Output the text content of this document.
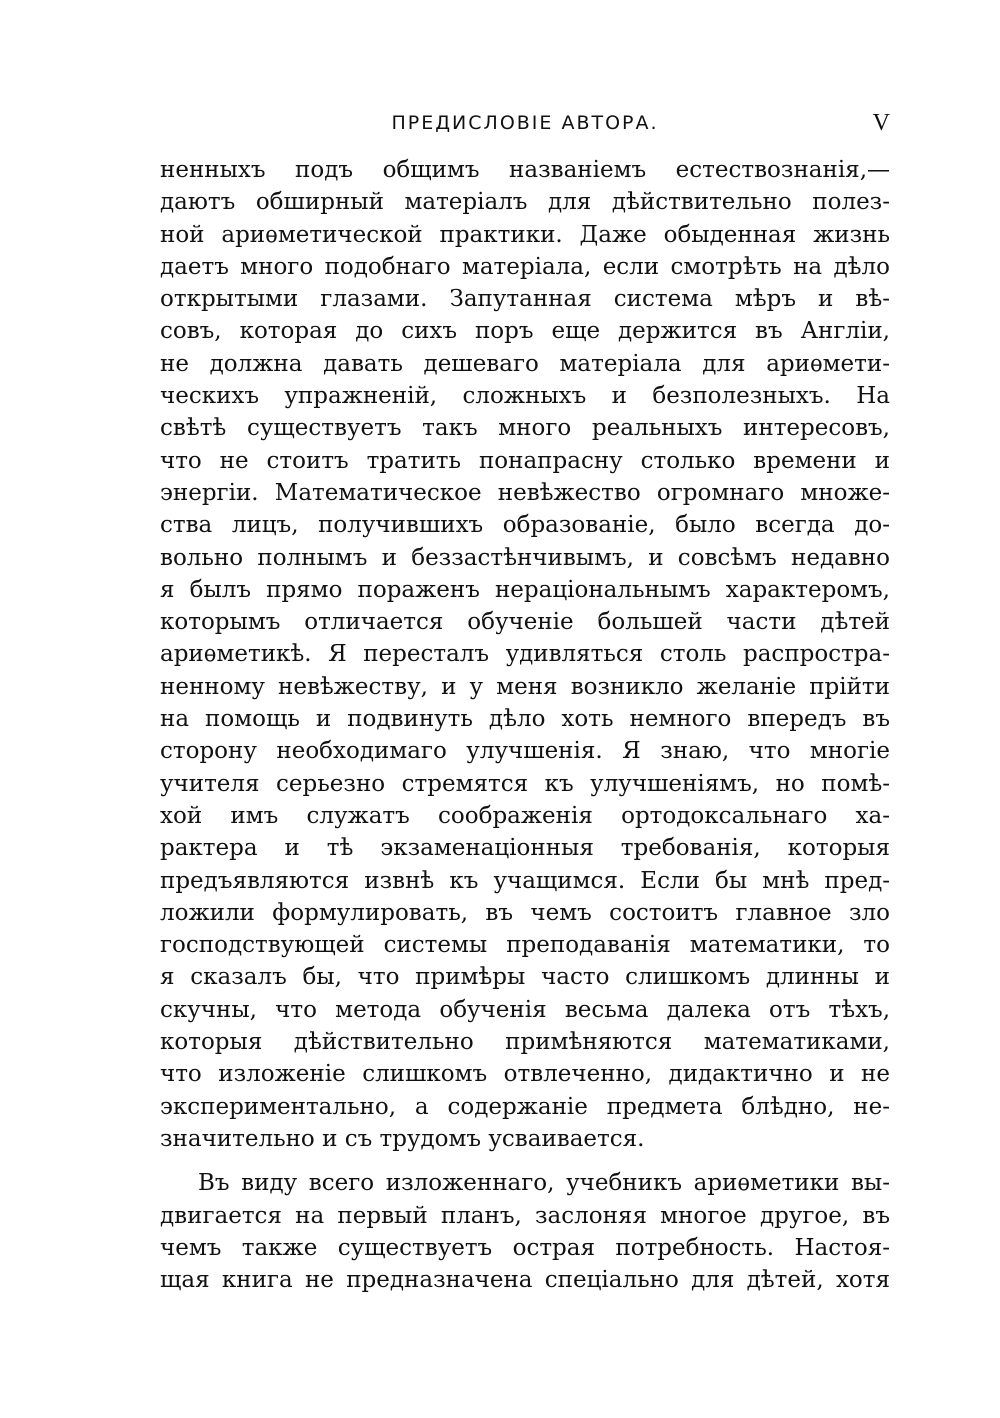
ПРЕДИСЛОВІЕ АВТОРА.	V
ненныхъ подъ общимъ названіемъ естествознанія,—
даютъ обширный матеріалъ для дѣйствительно полез-
ной ариѳметической практики. Даже обыденная жизнь
даетъ много подобнаго матеріала, если смотрѣть на дѣло
открытыми глазами. Запутанная система мѣръ и вѣ-
совъ, которая до сихъ поръ еще держится въ Англіи,
не должна давать дешеваго матеріала для ариѳмети-
ческихъ упражненій, сложныхъ и безполезныхъ. На
свѣтѣ существуетъ такъ много реальныхъ интересовъ,
что не стоитъ тратить понапрасну столько времени и
энергіи. Математическое невѣжество огромнаго множе-
ства лицъ, получившихъ образованіе, было всегда до-
вольно полнымъ и беззастѣнчивымъ, и совсѣмъ недавно
я былъ прямо пораженъ нераціональнымъ характеромъ,
которымъ отличается обученіе большей части дѣтей
ариѳметикѣ. Я пересталъ удивляться столь распростра-
ненному невѣжеству, и у меня возникло желаніе прійти
на помощь и подвинуть дѣло хоть немного впередъ въ
сторону необходимаго улучшенія. Я знаю, что многіе
учителя серьезно стремятся къ улучшеніямъ, но помѣ-
хой имъ служатъ соображенія ортодоксальнаго ха-
рактера и тѣ экзаменаціонныя требованія, которыя
предъявляются извнѣ къ учащимся. Если бы мнѣ пред-
ложили формулировать, въ чемъ состоитъ главное зло
господствующей системы преподаванія математики, то
я сказалъ бы, что примѣры часто слишкомъ длинны и
скучны, что метода обученія весьма далека отъ тѣхъ,
которыя дѣйствительно примѣняются математиками,
что изложеніе слишкомъ отвлеченно, дидактично и не
экспериментально, а содержаніе предмета блѣдно, не-
значительно и съ трудомъ усваивается.
Въ виду всего изложеннаго, учебникъ ариѳметики вы-
двигается на первый планъ, заслоняя многое другое, въ
чемъ также существуетъ острая потребность. Настоя-
щая книга не предназначена спеціально для дѣтей, хотя
